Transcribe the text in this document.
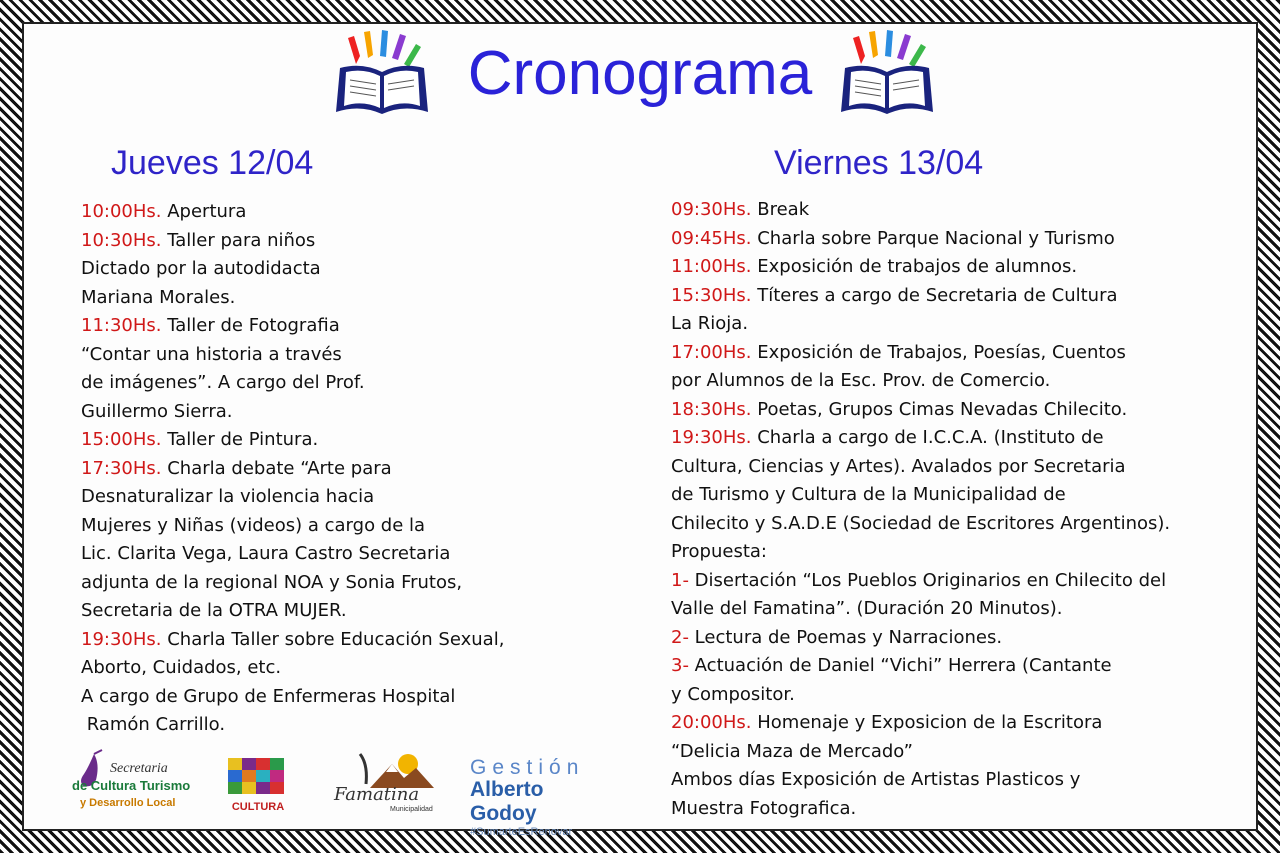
Cronograma
Jueves 12/04	Viernes 13/04
10:00Hs. Apertura
10:30Hs. Taller para niños
Dictado por la autodidacta
Mariana Morales.
11:30Hs. Taller de Fotografia
“Contar una historia a través
de imágenes”. A cargo del Prof.
Guillermo Sierra.
15:00Hs. Taller de Pintura.
17:30Hs. Charla debate “Arte para
Desnaturalizar la violencia hacia
Mujeres y Niñas (videos) a cargo de la
Lic. Clarita Vega, Laura Castro Secretaria
adjunta de la regional NOA y Sonia Frutos,
Secretaria de la OTRA MUJER.
19:30Hs. Charla Taller sobre Educación Sexual,
Aborto, Cuidados, etc.
A cargo de Grupo de Enfermeras Hospital
Ramón Carrillo.
09:30Hs. Break
09:45Hs. Charla sobre Parque Nacional y Turismo
11:00Hs. Exposición de trabajos de alumnos.
15:30Hs. Títeres a cargo de Secretaria de Cultura
La Rioja.
17:00Hs. Exposición de Trabajos, Poesías, Cuentos
por Alumnos de la Esc. Prov. de Comercio.
18:30Hs. Poetas, Grupos Cimas Nevadas Chilecito.
19:30Hs. Charla a cargo de I.C.C.A. (Instituto de
Cultura, Ciencias y Artes). Avalados por Secretaria
de Turismo y Cultura de la Municipalidad de
Chilecito y S.A.D.E (Sociedad de Escritores Argentinos).
Propuesta:
1- Disertación “Los Pueblos Originarios en Chilecito del
Valle del Famatina”. (Duración 20 Minutos).
2- Lectura de Poemas y Narraciones.
3- Actuación de Daniel “Vichi” Herrera (Cantante
y Compositor.
20:00Hs. Homenaje y Exposicion de la Escritora
“Delicia Maza de Mercado”
Ambos días Exposición de Artistas Plasticos y
Muestra Fotografica.
Secretaria
de Cultura Turismo
y Desarrollo Local	CULTURA
Famatina
Municipalidad
Gestión
Alberto Godoy
#SumarteEsRenovar
